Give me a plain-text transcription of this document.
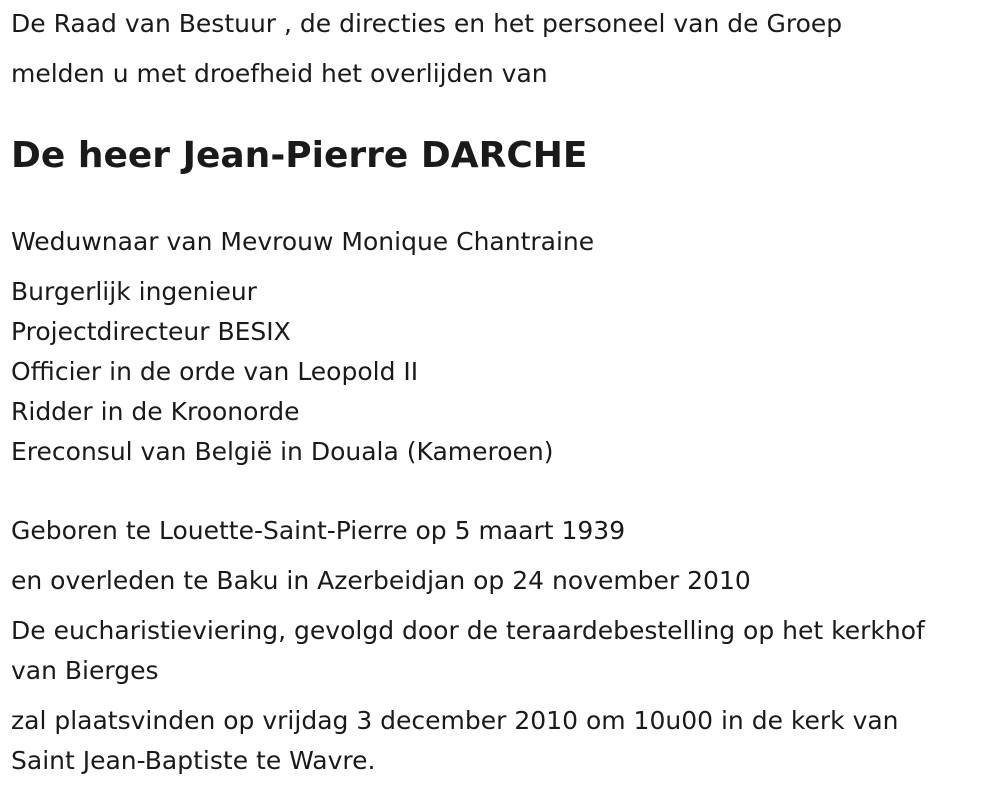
De Raad van Bestuur , de directies en het personeel van de Groep
melden u met droefheid het overlijden van
De heer Jean-Pierre DARCHE
Weduwnaar van Mevrouw Monique Chantraine
Burgerlijk ingenieur
Projectdirecteur BESIX
Officier in de orde van Leopold II
Ridder in de Kroonorde
Ereconsul van België in Douala (Kameroen)
Geboren te Louette-Saint-Pierre op 5 maart 1939
en overleden te Baku in Azerbeidjan op 24 november 2010
De eucharistieviering, gevolgd door de teraardebestelling op het kerkhof
van Bierges
zal plaatsvinden op vrijdag 3 december 2010 om 10u00 in de kerk van
Saint Jean-Baptiste te Wavre.
